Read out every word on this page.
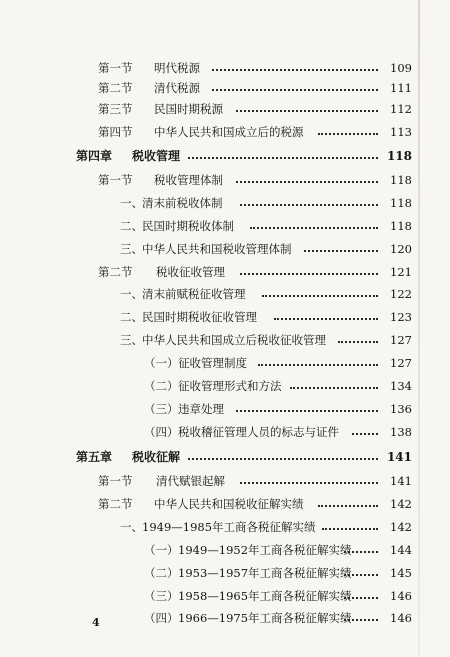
第一节 明代税源	109
第二节 清代税源	111
第三节 民国时期税源	112
第四节 中华人民共和国成立后的税源	113
第四章 税收管理	118
第一节 税收管理体制	118
一、清末前税收体制	118
二、民国时期税收体制	118
三、中华人民共和国税收管理体制	120
第二节 税收征收管理	121
一、清末前赋税征收管理	122
二、民国时期税收征收管理	123
三、中华人民共和国成立后税收征收管理	127
（一）征收管理制度	127
（二）征收管理形式和方法	134
（三）违章处理	136
（四）税收稽征管理人员的标志与证件	138
第五章 税收征解	141
第一节 清代赋银起解	141
第二节 中华人民共和国税收征解实绩	142
一、1949—1985年工商各税征解实绩	142
（一）1949—1952年工商各税征解实绩	144
（二）1953—1957年工商各税征解实绩	145
（三）1958—1965年工商各税征解实绩	146
（四）1966—1975年工商各税征解实绩	146
4
